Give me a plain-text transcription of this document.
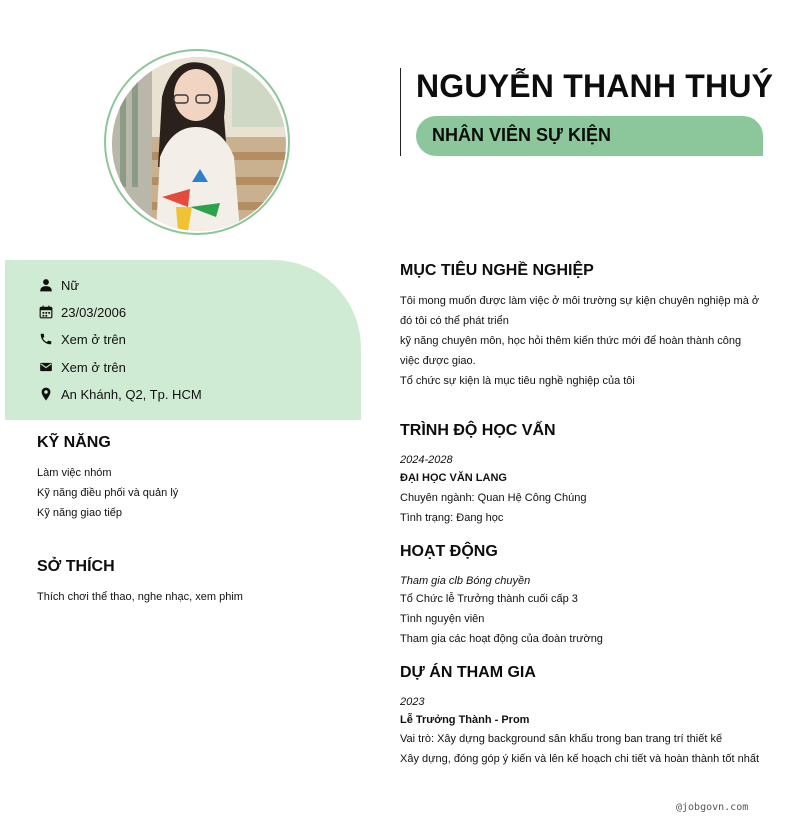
NGUYỄN THANH THUÝ
NHÂN VIÊN SỰ KIỆN
Nữ
23/03/2006
Xem ở trên
Xem ở trên
An Khánh, Q2, Tp. HCM
KỸ NĂNG
Làm việc nhóm
Kỹ năng điều phối và quản lý
Kỹ năng giao tiếp
SỞ THÍCH
Thích chơi thể thao, nghe nhạc, xem phim
MỤC TIÊU NGHỀ NGHIỆP
Tôi mong muốn được làm việc ở môi trường sự kiện chuyên nghiệp mà ở
đó tôi có thể phát triển
kỹ năng chuyên môn, học hỏi thêm kiến thức mới để hoàn thành công
việc được giao.
Tổ chức sự kiện là mục tiêu nghề nghiệp của tôi
TRÌNH ĐỘ HỌC VẤN
2024-2028
ĐẠI HỌC VĂN LANG
Chuyên ngành: Quan Hệ Công Chúng
Tình trạng: Đang học
HOẠT ĐỘNG
Tham gia clb Bóng chuyền
Tổ Chức lễ Trưởng thành cuối cấp 3
Tình nguyện viên
Tham gia các hoạt động của đoàn trường
DỰ ÁN THAM GIA
2023
Lễ Trưởng Thành - Prom
Vai trò: Xây dựng background sân khấu trong ban trang trí thiết kế
Xây dựng, đóng góp ý kiến và lên kế hoạch chi tiết và hoàn thành tốt nhất
@jobgovn.com
